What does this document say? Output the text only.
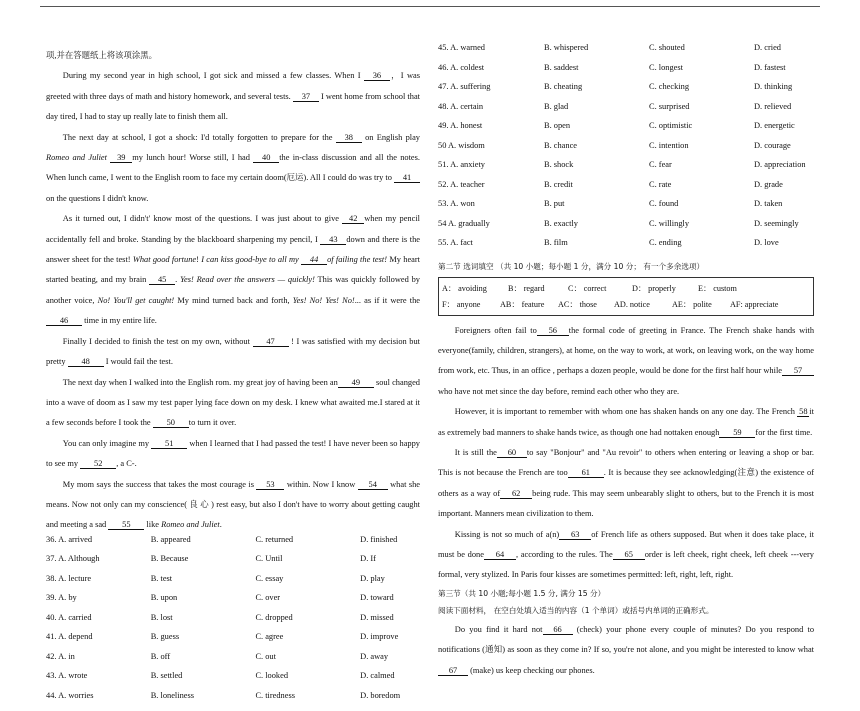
项,并在答题纸上将该项涂黑。

During my second year in high school, I got sick and missed a few classes. When I 36 ，I was greeted with three days of math and history homework, and several tests. 37 I went home from school that day tired, I had to stay up really late to finish them all.

The next day at school, I got a shock: I'd totally forgotten to prepare for the 38 on English play Romeo and Juliet 39 my lunch hour! Worse still, I had 40 the in-class discussion and all the notes. When lunch came, I went to the English room to face my certain doom(厄运). All I could do was try to 41 on the questions I didn't know.

As it turned out, I didn't' know most of the questions. I was just about to give 42 when my pencil accidentally fell and broke. Standing by the blackboard sharpening my pencil, I 43 down and there is the answer sheet for the test! What good fortune! I can kiss good-bye to all my 44 of failing the test! My heart started beating, and my brain 45 . Yes! Read over the answers — quickly! This was quickly followed by another voice, No! You'll get caught! My mind turned back and forth, Yes! No! Yes! No!... as if it were the 46 time in my entire life.

Finally I decided to finish the test on my own, without 47 ! I was satisfied with my decision but pretty 48 I would fail the test.

The next day when I walked into the English rom. my great joy of having been an 49 soul changed into a wave of doom as I saw my test paper lying face down on my desk. I knew what awaited me.I stared at it a few seconds before I took the 50 to turn it over.

You can only imagine my 51 when I learned that I had passed the test! I have never been so happy to see my 52 , a C-.

My mom says the success that takes the most courage is 53 within. Now I know 54 what she means. Now not only can my conscience( 良 心 ) rest easy, but also I don't have to worry about getting caught and meeting a sad 55 like Romeo and Juliet.

36. A. arrived	B. appeared	C. returned	D. finished
37. A. Although	B. Because	C. Until	D. If
38. A. lecture	B. test	C. essay	D. play
39. A. by	B. upon	C. over	D. toward
40. A. carried	B. lost	C. dropped	D. missed
41. A. depend	B. guess	C. agree	D. improve
42. A. in	B. off	C. out	D. away
43. A. wrote	B. settled	C. looked	D. calmed
44. A. worries	B. loneliness	C. tiredness	D. boredom
45. A. warned	B. whispered	C. shouted	D. cried
46. A. coldest	B. saddest	C. longest	D. fastest
47. A. suffering	B. cheating	C. checking	D. thinking
48. A. certain	B. glad	C. surprised	D. relieved
49. A. honest	B. open	C. optimistic	D. energetic
50 A. wisdom	B. chance	C. intention	D. courage
51. A. anxiety	B. shock	C. fear	D. appreciation
52. A. teacher	B. credit	C. rate	D. grade
53. A. won	B. put	C. found	D. taken
54 A. gradually	B. exactly	C. willingly	D. seemingly
55. A. fact	B. film	C. ending	D. love

第二节 选词填空 （共 10 小题；每小题 1 分，满分 10 分； 有一个多余选项）

A： avoiding	B： regard	C： correct	D： properly	E： custom
F： anyone	AB： feature	AC： those	AD. notice	AE： polite	AF: appreciate

Foreigners often fail to 56 the formal code of greeting in France. The French shake hands with everyone(family, children, strangers), at home, on the way to work, at work, on leaving work, on the way home from work, etc. Thus, in an office , perhaps a dozen people, would be done for the first half hour while 57who have not met since the day before, remind each other who they are.

However, it is important to remember with whom one has shaken hands on any one day. The French 58 it as extremely bad manners to shake hands twice, as though one had nottaken enough 59 for the first time.

It is still the 60 to say "Bonjour" and "Au revoir" to others when entering or leaving a shop or bar. This is not because the French are too 61 . It is because they see acknowledging(注意) the existence of others as a way of 62 being rude. This may seem unbearably slight to others, but to the French it is most important. Manners mean civilization to them.

Kissing is not so much of a(n) 63 of French life as others supposed. But when it does take place, it must be done 64 , according to the rules. The 65 order is left cheek, right cheek, left cheek ---very formal, very stylized. In Paris four kisses are sometimes permitted: left, right, left, right.

第三节（共 10 小题;每小题 1.5 分, 满分 15 分）

阅读下面材料， 在空白处填入适当的内容（1 个单词）或括号内单词的正确形式。

Do you find it hard not 66 (check) your phone every couple of minutes? Do you respond to notifications (通知) as soon as they come in? If so, you're not alone, and you might be interested to know what67 (make) us keep checking our phones.
